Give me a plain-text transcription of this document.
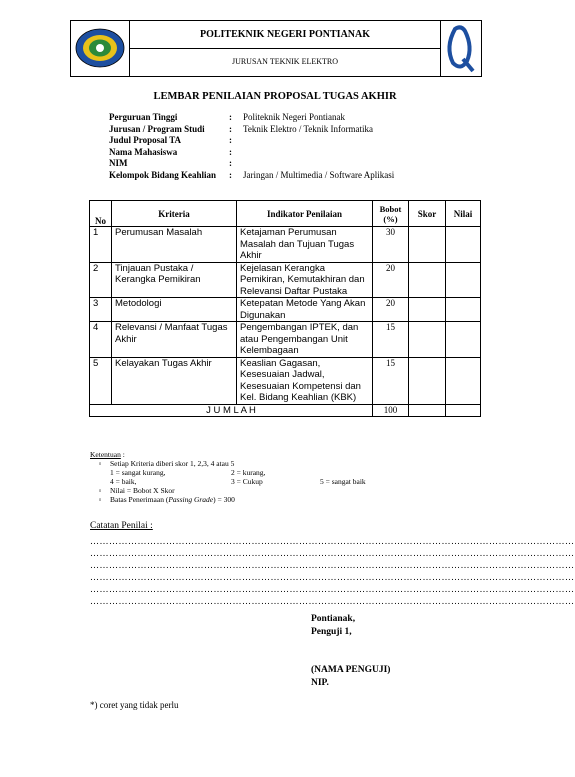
POLITEKNIK NEGERI PONTIANAK
JURUSAN TEKNIK ELEKTRO
LEMBAR PENILAIAN PROPOSAL TUGAS AKHIR
Perguruan Tinggi	:	Politeknik Negeri Pontianak
Jurusan / Program Studi	:	Teknik Elektro / Teknik Informatika
Judul Proposal TA	:
Nama Mahasiswa	:
NIM	:
Kelompok Bidang Keahlian	:	Jaringan / Multimedia / Software Aplikasi
No	Kriteria	Indikator Penilaian	Bobot (%)	Skor	Nilai
1	Perumusan Masalah	Ketajaman Perumusan Masalah dan Tujuan Tugas Akhir	30		
2	Tinjauan Pustaka / Kerangka Pemikiran	Kejelasan Kerangka Pemikiran, Kemutakhiran dan Relevansi Daftar Pustaka	20		
3	Metodologi	Ketepatan Metode Yang Akan Digunakan	20		
4	Relevansi / Manfaat Tugas Akhir	Pengembangan IPTEK, dan atau Pengembangan Unit Kelembagaan	15		
5	Kelayakan Tugas Akhir	Keaslian Gagasan, Kesesuaian Jadwal, Kesesuaian Kompetensi dan Kel. Bidang Keahlian (KBK)	15		
J U M L A H			100		
Ketentuan :
▫	Setiap Kriteria diberi skor 1, 2,3, 4 atau 5
1 = sangat kurang,	2 = kurang,
4 = baik,	3 = Cukup	5 = sangat baik
▫	Nilai = Bobot X Skor
▫	Batas Penerimaan (Passing Grade) = 300
Catatan Penilai :
………………………………………………………………………………………………………………………………………
………………………………………………………………………………………………………………………………………
………………………………………………………………………………………………………………………………………
………………………………………………………………………………………………………………………………………
………………………………………………………………………………………………………………………………………
………………………………………………………………………………………………………………………………………
Pontianak,
Penguji 1,
(NAMA PENGUJI)
NIP.
*) coret yang tidak perlu
